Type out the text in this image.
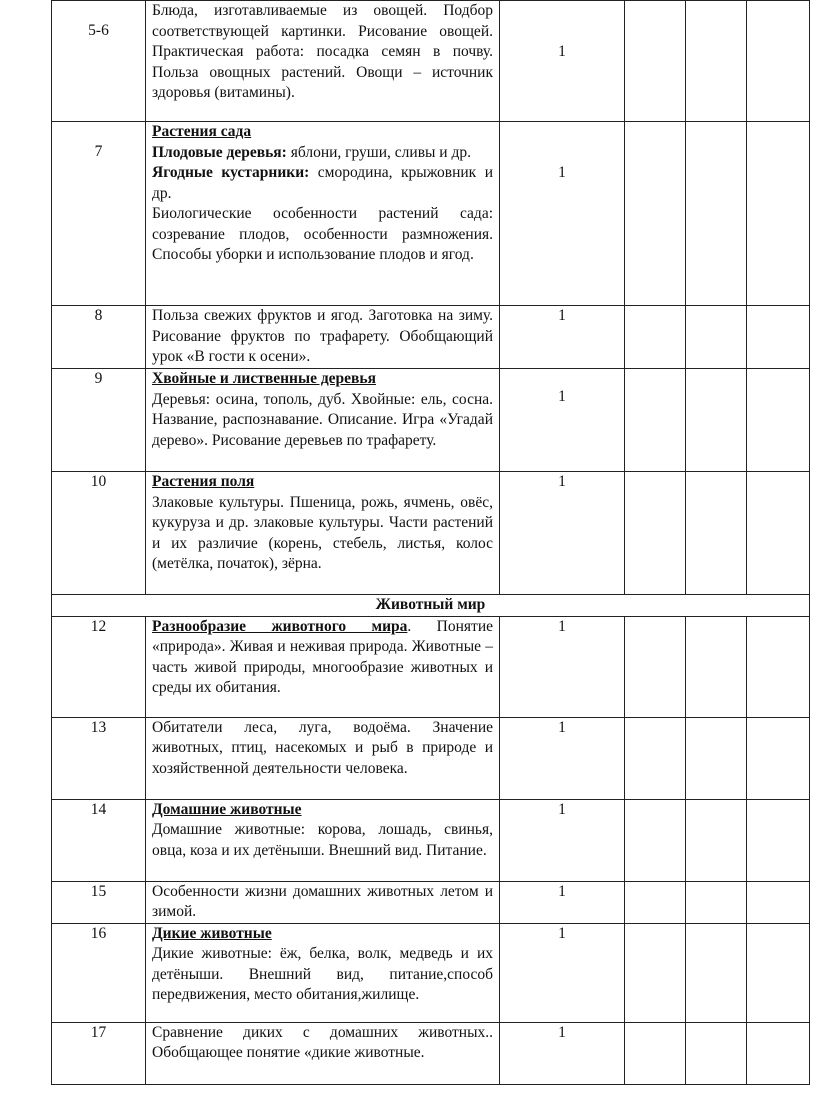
5-6	Блюда, изготавливаемые из овощей. Подбор соответствующей картинки. Рисование овощей. Практическая работа: посадка семян в почву. Польза овощных растений. Овощи – источник здоровья (витамины).	1			
7	Растения сада
Плодовые деревья: яблони, груши, сливы и др.
Ягодные кустарники: смородина, крыжовник и др.
Биологические особенности растений сада: созревание плодов, особенности размножения. Способы уборки и использование плодов и ягод.	1			
8	Польза свежих фруктов и ягод. Заготовка на зиму. Рисование фруктов по трафарету. Обобщающий урок «В гости к осени».	1			
9	Хвойные и лиственные деревья
Деревья: осина, тополь, дуб. Хвойные: ель, сосна. Название, распознавание. Описание. Игра «Угадай дерево». Рисование деревьев по трафарету.	1			
10	Растения поля
Злаковые культуры. Пшеница, рожь, ячмень, овёс, кукуруза и др. злаковые культуры. Части растений и их различие (корень, стебель, листья, колос (метёлка, початок), зёрна.	1			
Животный мир					
12	Разнообразие животного мира. Понятие «природа». Живая и неживая природа. Животные – часть живой природы, многообразие животных и среды их обитания.	1			
13	Обитатели леса, луга, водоёма. Значение животных, птиц, насекомых и рыб в природе и хозяйственной деятельности человека.	1			
14	Домашние животные
Домашние животные: корова, лошадь, свинья, овца, коза и их детёныши. Внешний вид. Питание.	1			
15	Особенности жизни домашних животных летом и зимой.	1			
16	Дикие животные
Дикие животные: ёж, белка, волк, медведь и их детёныши. Внешний вид, питание,способ передвижения, место обитания,жилище.	1			
17	Сравнение диких с домашних животных.. Обобщающее понятие «дикие животные.	1			
